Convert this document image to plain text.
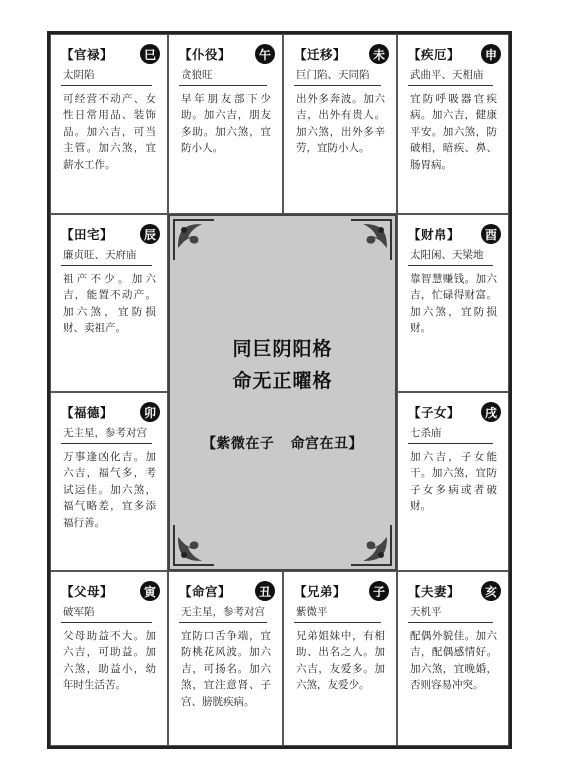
【官禄】	巳
太阴陷
可经营不动产、女性日常用品、装饰品。加六吉，可当主管。加六煞，宜薪水工作。
【仆役】	午
贪狼旺
早年朋友部下少助。加六吉，朋友多助。加六煞，宜防小人。
【迁移】	未
巨门陷、天同陷
出外多奔波。加六吉，出外有贵人。加六煞，出外多辛劳，宜防小人。
【疾厄】	申
武曲平、天相庙
宜防呼吸器官疾病。加六吉，健康平安。加六煞，防破相，暗疾、鼻、肠胃病。
【田宅】	辰
廉贞旺、天府庙
祖产不少。加六吉，能置不动产。加六煞，宜防损财、卖祖产。
【福德】	卯
无主星，参考对宫
万事逢凶化吉。加六吉，福气多，考试运佳。加六煞，福气略差，宜多添福行善。
【财帛】	酉
太阳闲、天梁地
靠智慧赚钱。加六吉，忙碌得财富。加六煞，宜防损财。
【子女】	戌
七杀庙
加六吉，子女能干。加六煞，宜防子女多病或者破财。
【父母】	寅
破军陷
父母助益不大。加六吉，可助益。加六煞，助益小，幼年时生活苦。
【命宫】	丑
无主星，参考对宫
宜防口舌争端，宜防桃花风波。加六吉，可扬名。加六煞，宜注意肾、子宫、膀胱疾病。
【兄弟】	子
紫微平
兄弟姐妹中，有相助、出名之人。加六吉，友爱多。加六煞，友爱少。
【夫妻】	亥
天机平
配偶外貌佳。加六吉，配偶感情好。加六煞，宜晚婚，否则容易冲突。
同巨阴阳格
命无正曜格
【紫微在子 命宫在丑】
